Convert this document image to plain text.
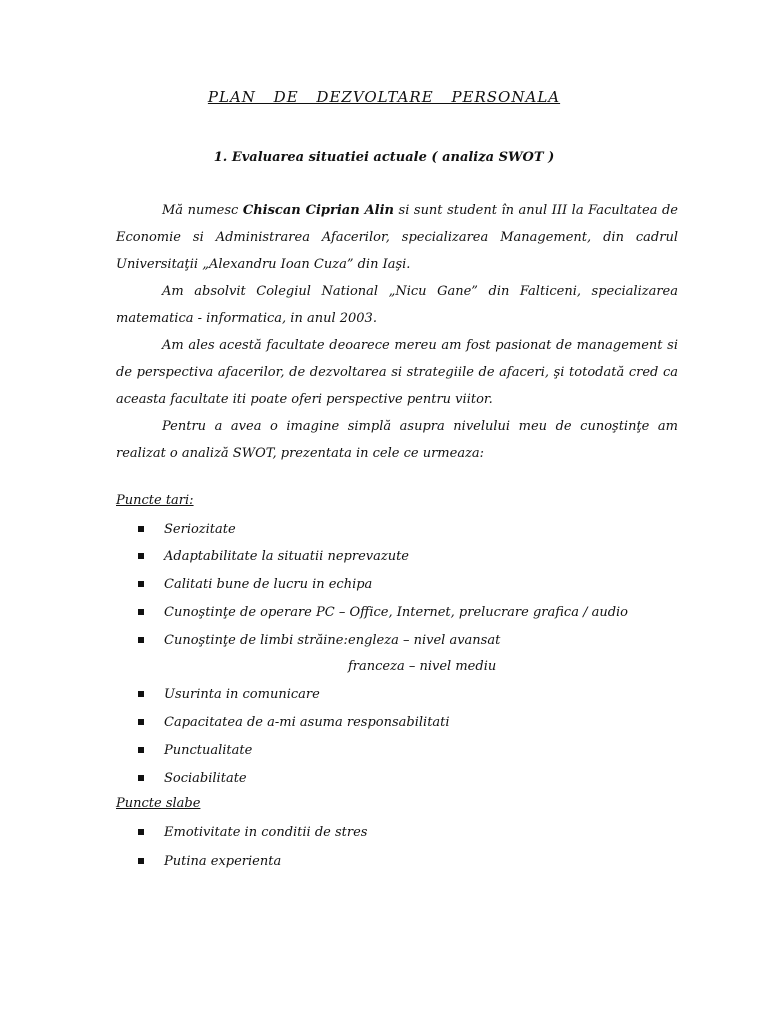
PLAN DE DEZVOLTARE PERSONALA
1. Evaluarea situatiei actuale ( analiza SWOT )

Mă numesc Chiscan Ciprian Alin si sunt student în anul III la Facultatea de Economie si Administrarea Afacerilor, specializarea Management, din cadrul Universitaţii „Alexandru Ioan Cuza” din Iaşi.

Am absolvit Colegiul National „Nicu Gane” din Falticeni, specializarea matematica - informatica, in anul 2003.

Am ales acestă facultate deoarece mereu am fost pasionat de management si de perspectiva afacerilor, de dezvoltarea si strategiile de afaceri, şi totodată cred ca aceasta facultate iti poate oferi perspective pentru viitor.

Pentru a avea o imagine simplă asupra nivelului meu de cunoştinţe am realizat o analiză SWOT, prezentata in cele ce urmeaza:

Puncte tari:
Seriozitate
Adaptabilitate la situatii neprevazute
Calitati bune de lucru in echipa
Cunoştinţe de operare PC – Office, Internet, prelucrare grafica / audio
Cunoştinţe de limbi străine: engleza – nivel avansat
franceza – nivel mediu
Usurinta in comunicare
Capacitatea de a-mi asuma responsabilitati
Punctualitate
Sociabilitate
Puncte slabe
Emotivitate in conditii de stres
Putina experienta
